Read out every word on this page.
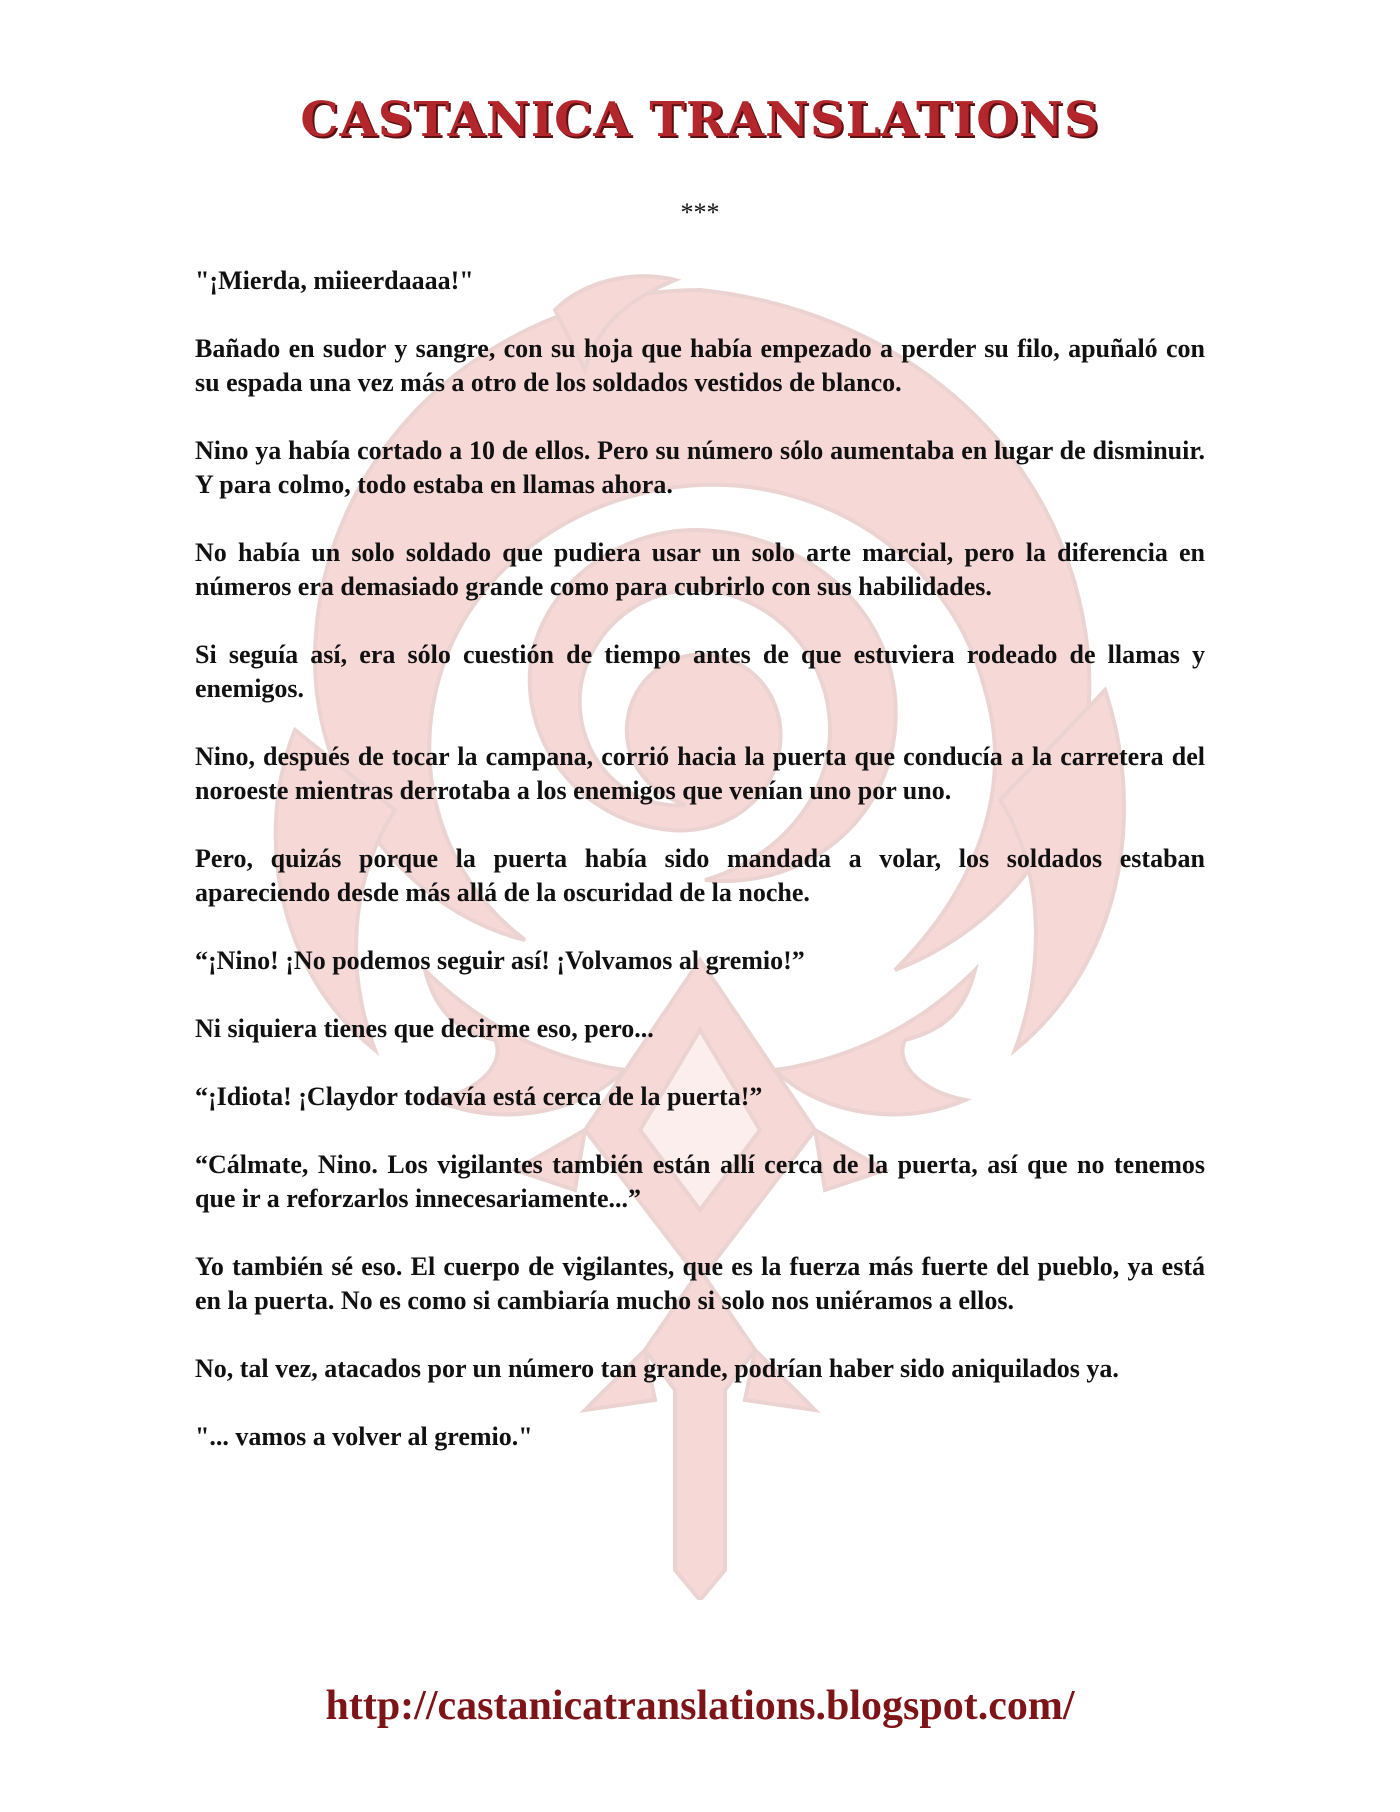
CASTANICA TRANSLATIONS
***

"¡Mierda, miieerdaaaa!"

Bañado en sudor y sangre, con su hoja que había empezado a perder su filo, apuñaló con su espada una vez más a otro de los soldados vestidos de blanco.

Nino ya había cortado a 10 de ellos. Pero su número sólo aumentaba en lugar de disminuir. Y para colmo, todo estaba en llamas ahora.

No había un solo soldado que pudiera usar un solo arte marcial, pero la diferencia en números era demasiado grande como para cubrirlo con sus habilidades.

Si seguía así, era sólo cuestión de tiempo antes de que estuviera rodeado de llamas y enemigos.

Nino, después de tocar la campana, corrió hacia la puerta que conducía a la carretera del noroeste mientras derrotaba a los enemigos que venían uno por uno.

Pero, quizás porque la puerta había sido mandada a volar, los soldados estaban apareciendo desde más allá de la oscuridad de la noche.

“¡Nino! ¡No podemos seguir así! ¡Volvamos al gremio!”

Ni siquiera tienes que decirme eso, pero...

“¡Idiota! ¡Claydor todavía está cerca de la puerta!”

“Cálmate, Nino. Los vigilantes también están allí cerca de la puerta, así que no tenemos que ir a reforzarlos innecesariamente...”

Yo también sé eso. El cuerpo de vigilantes, que es la fuerza más fuerte del pueblo, ya está en la puerta. No es como si cambiaría mucho si solo nos uniéramos a ellos.

No, tal vez, atacados por un número tan grande, podrían haber sido aniquilados ya.

"... vamos a volver al gremio."

http://castanicatranslations.blogspot.com/
